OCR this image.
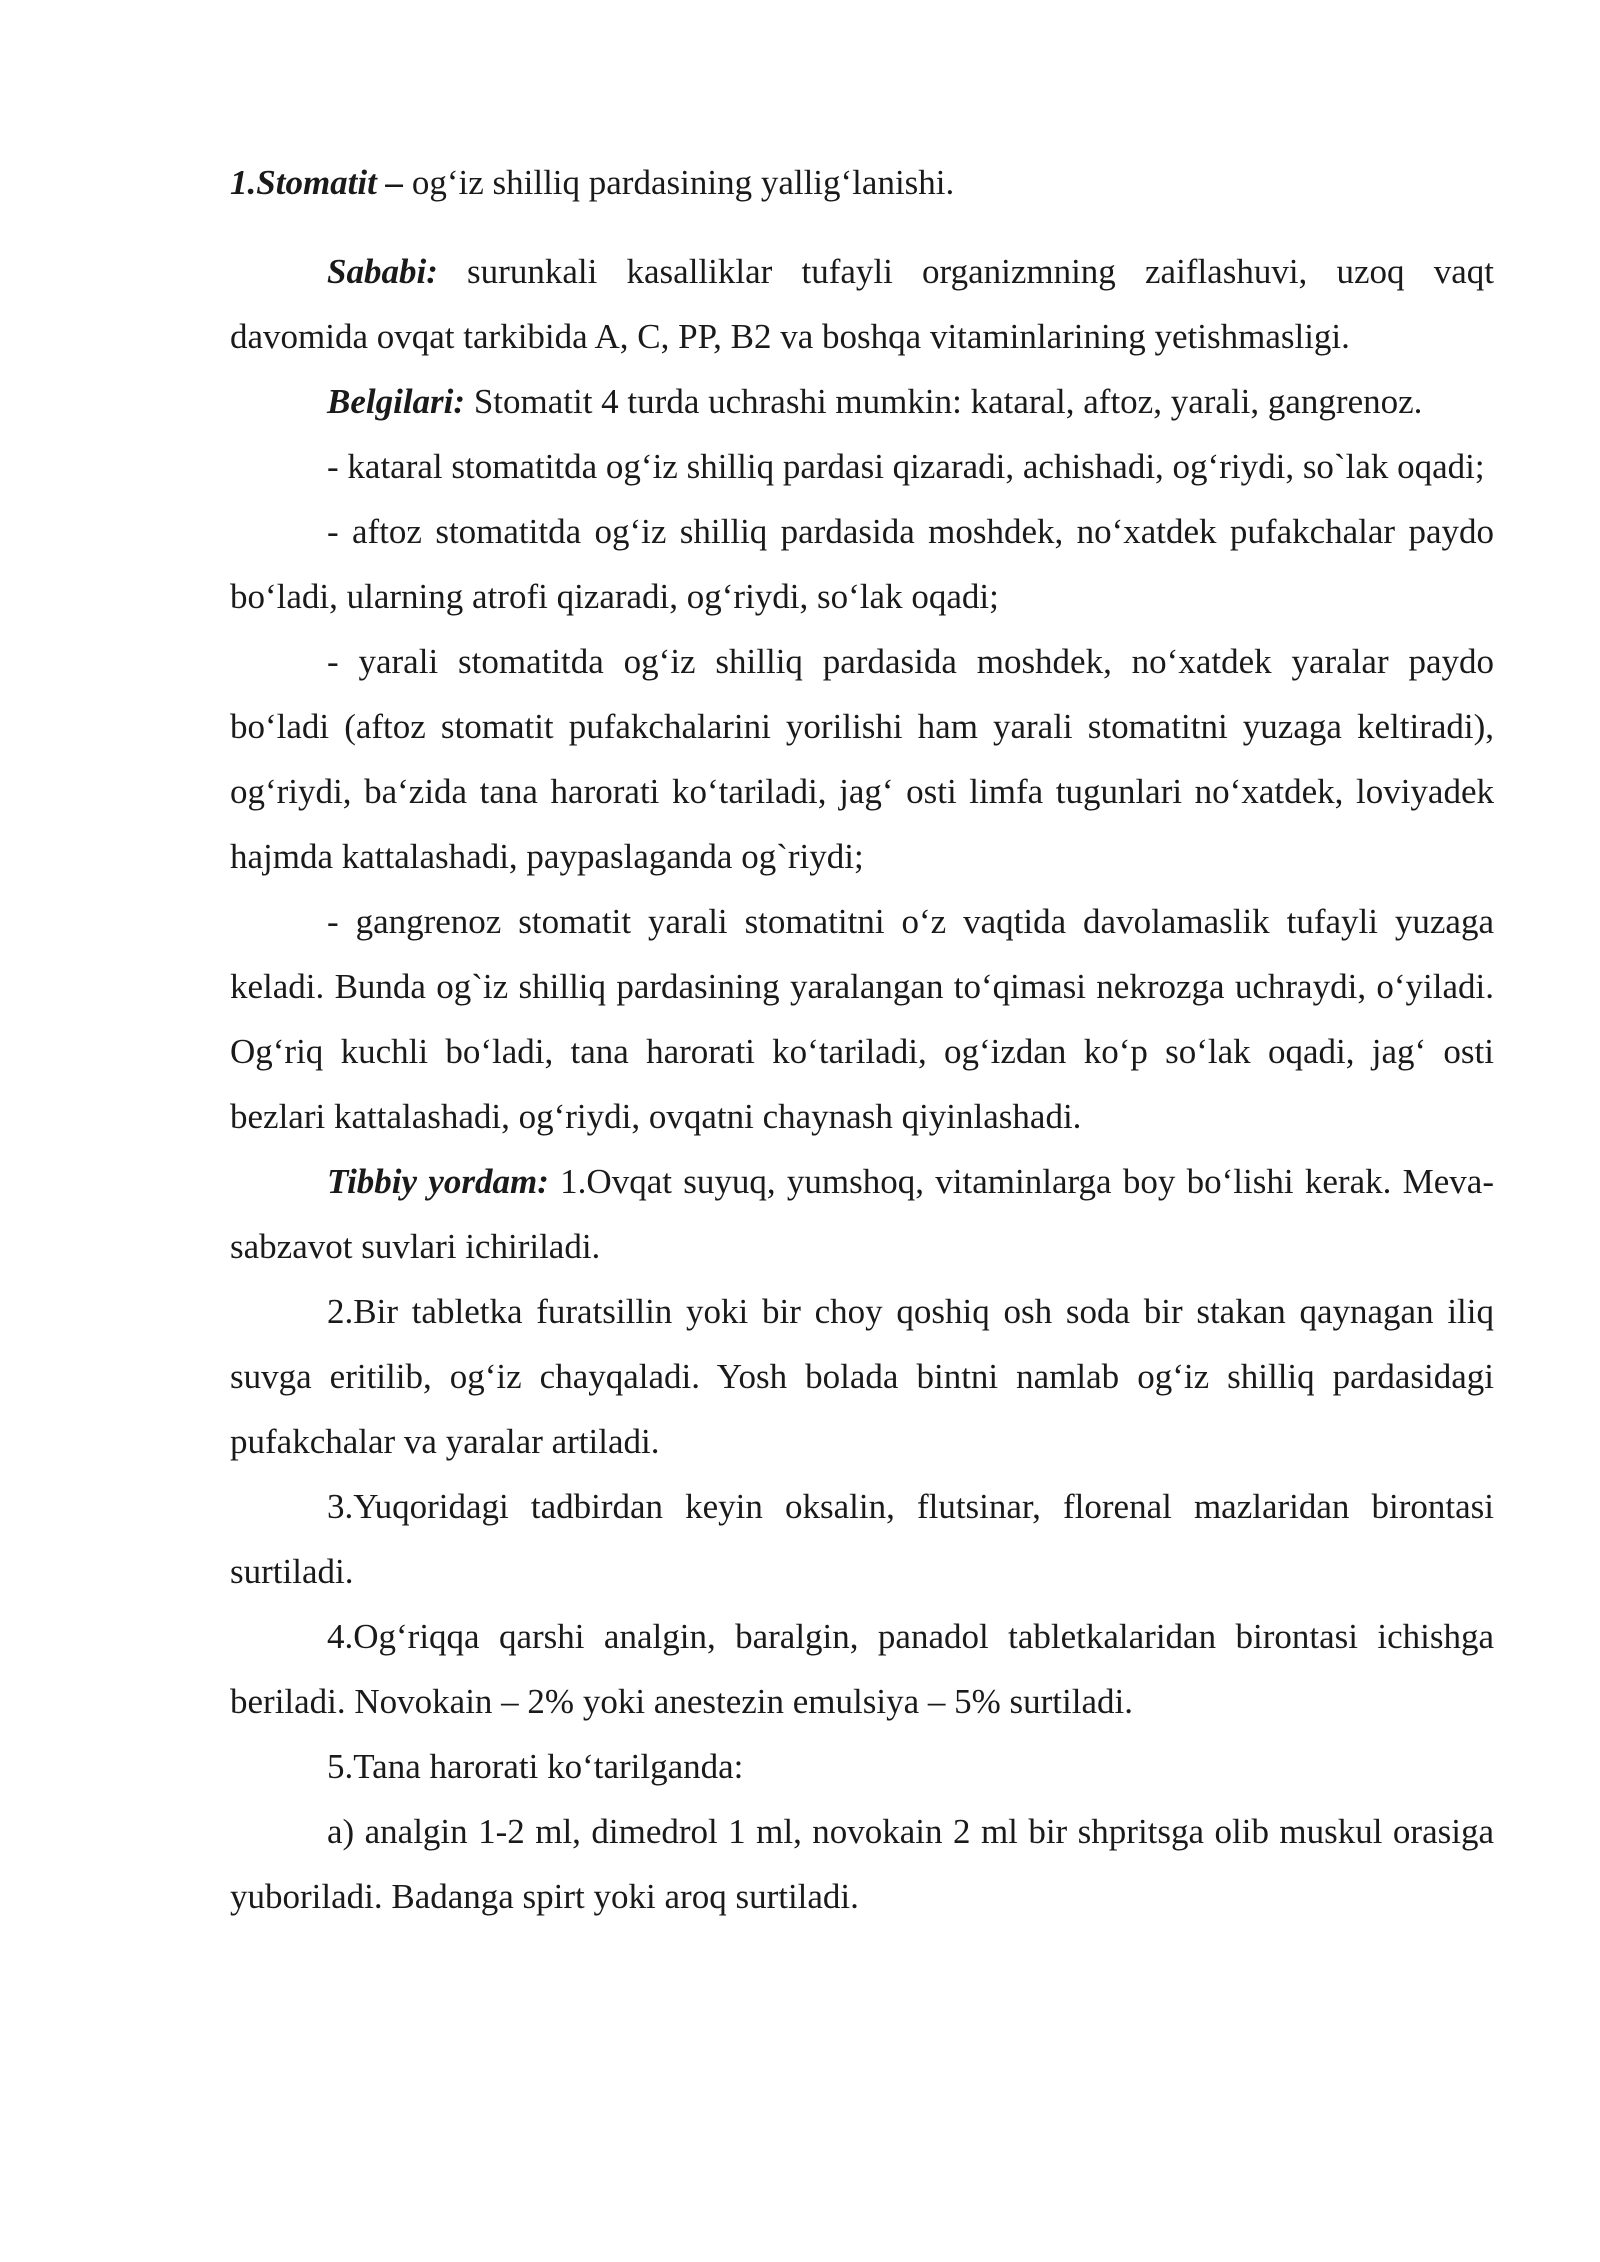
1.Stomatit – og‘iz shilliq pardasining yallig‘lanishi.

Sababi: surunkali kasalliklar tufayli organizmning zaiflashuvi, uzoq vaqt davomida ovqat tarkibida A, C, PP, B2 va boshqa vitaminlarining yetishmasligi.

Belgilari: Stomatit 4 turda uchrashi mumkin: kataral, aftoz, yarali, gangrenoz.

- kataral stomatitda og‘iz shilliq pardasi qizaradi, achishadi, og‘riydi, so`lak oqadi;

- aftoz stomatitda og‘iz shilliq pardasida moshdek, no‘xatdek pufakchalar paydo bo‘ladi, ularning atrofi qizaradi, og‘riydi, so‘lak oqadi;

- yarali stomatitda og‘iz shilliq pardasida moshdek, no‘xatdek yaralar paydo bo‘ladi (aftoz stomatit pufakchalarini yorilishi ham yarali stomatitni yuzaga keltiradi), og‘riydi, ba‘zida tana harorati ko‘tariladi, jag‘ osti limfa tugunlari no‘xatdek, loviyadek hajmda kattalashadi, paypaslaganda og`riydi;

- gangrenoz stomatit yarali stomatitni o‘z vaqtida davolamaslik tufayli yuzaga keladi. Bunda og`iz shilliq pardasining yaralangan to‘qimasi nekrozga uchraydi, o‘yiladi. Og‘riq kuchli bo‘ladi, tana harorati ko‘tariladi, og‘izdan ko‘p so‘lak oqadi, jag‘ osti bezlari kattalashadi, og‘riydi, ovqatni chaynash qiyinlashadi.

Tibbiy yordam: 1.Ovqat suyuq, yumshoq, vitaminlarga boy bo‘lishi kerak. Meva-sabzavot suvlari ichiriladi.

2.Bir tabletka furatsillin yoki bir choy qoshiq osh soda bir stakan qaynagan iliq suvga eritilib, og‘iz chayqaladi. Yosh bolada bintni namlab og‘iz shilliq pardasidagi pufakchalar va yaralar artiladi.

3.Yuqoridagi tadbirdan keyin oksalin, flutsinar, florenal mazlaridan birontasi surtiladi.

4.Og‘riqqa qarshi analgin, baralgin, panadol tabletkalaridan birontasi ichishga beriladi. Novokain – 2% yoki anestezin emulsiya – 5% surtiladi.

5.Tana harorati ko‘tarilganda:

a) analgin 1-2 ml, dimedrol 1 ml, novokain 2 ml bir shpritsga olib muskul orasiga yuboriladi. Badanga spirt yoki aroq surtiladi.
